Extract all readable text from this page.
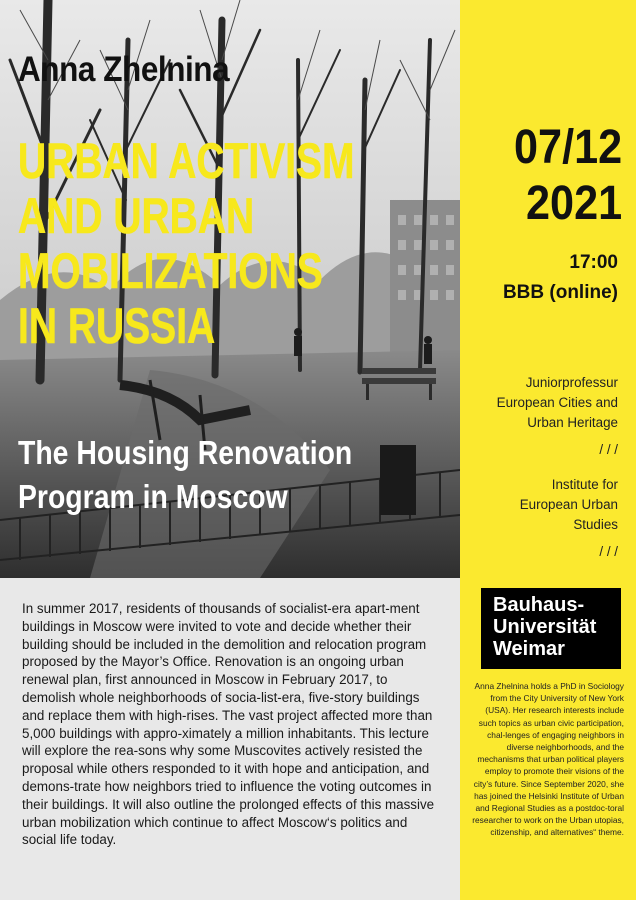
Anna Zhelnina
URBAN ACTIVISM
AND URBAN
MOBILIZATIONS
IN RUSSIA
The Housing Renovation
Program in Moscow

In summer 2017, residents of thousands of socialist-era apart-ment buildings in Moscow were invited to vote and decide whether their building should be included in the demolition and relocation program proposed by the Mayor’s Office. Renovation is an ongoing urban renewal plan, first announced in Moscow in February 2017, to demolish whole neighborhoods of socia-list-era, five-story buildings and replace them with high-rises. The vast project affected more than 5,000 buildings with appro-ximately a million inhabitants. This lecture will explore the rea-sons why some Muscovites actively resisted the proposal while others responded to it with hope and anticipation, and demons-trate how neighbors tried to influence the voting outcomes in their buildings. It will also outline the prolonged effects of this massive urban mobilization which continue to affect Moscow‘s politics and social life today.

07/12
2021
17:00
BBB (online)
Juniorprofessur
European Cities and
Urban Heritage
/ / /
Institute for
European Urban
Studies
/ / /

Anna Zhelnina holds a PhD in Sociology from the City University of New York (USA). Her research interests include such topics as urban civic participation, chal-lenges of engaging neighbors in diverse neighborhoods, and the mechanisms that urban political players employ to promote their visions of the city’s future. Since September 2020, she has joined the Helsinki Institute of Urban and Regional Studies as a postdoc-toral researcher to work on the Urban utopias, citizenship, and alternatives“ theme.

Bauhaus-
Universität
Weimar
